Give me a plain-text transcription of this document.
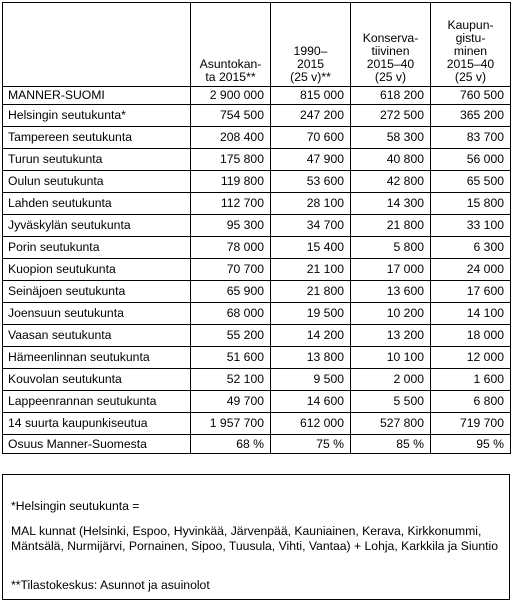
	Asuntokan-
ta 2015**	1990–
2015
(25 v)**	Konserva-
tiivinen
2015–40
(25 v)	Kaupun-
gistu-
minen
2015–40
(25 v)

MANNER-SUOMI	2 900 000	815 000	618 200	760 500
Helsingin seutukunta*	754 500	247 200	272 500	365 200
Tampereen seutukunta	208 400	70 600	58 300	83 700
Turun seutukunta	175 800	47 900	40 800	56 000
Oulun seutukunta	119 800	53 600	42 800	65 500
Lahden seutukunta	112 700	28 100	14 300	15 800
Jyväskylän seutukunta	95 300	34 700	21 800	33 100
Porin seutukunta	78 000	15 400	5 800	6 300
Kuopion seutukunta	70 700	21 100	17 000	24 000
Seinäjoen seutukunta	65 900	21 800	13 600	17 600
Joensuun seutukunta	68 000	19 500	10 200	14 100
Vaasan seutukunta	55 200	14 200	13 200	18 000
Hämeenlinnan seutukunta	51 600	13 800	10 100	12 000
Kouvolan seutukunta	52 100	9 500	2 000	1 600
Lappeenrannan seutukunta	49 700	14 600	5 500	6 800
14 suurta kaupunkiseutua	1 957 700	612 000	527 800	719 700
Osuus Manner-Suomesta	68 %	75 %	85 %	95 %

*Helsingin seutukunta =

MAL kunnat (Helsinki, Espoo, Hyvinkää, Järvenpää, Kauniainen, Kerava, Kirkkonummi, Mäntsälä, Nurmijärvi, Pornainen, Sipoo, Tuusula, Vihti, Vantaa) + Lohja, Karkkila ja Siuntio

**Tilastokeskus: Asunnot ja asuinolot
